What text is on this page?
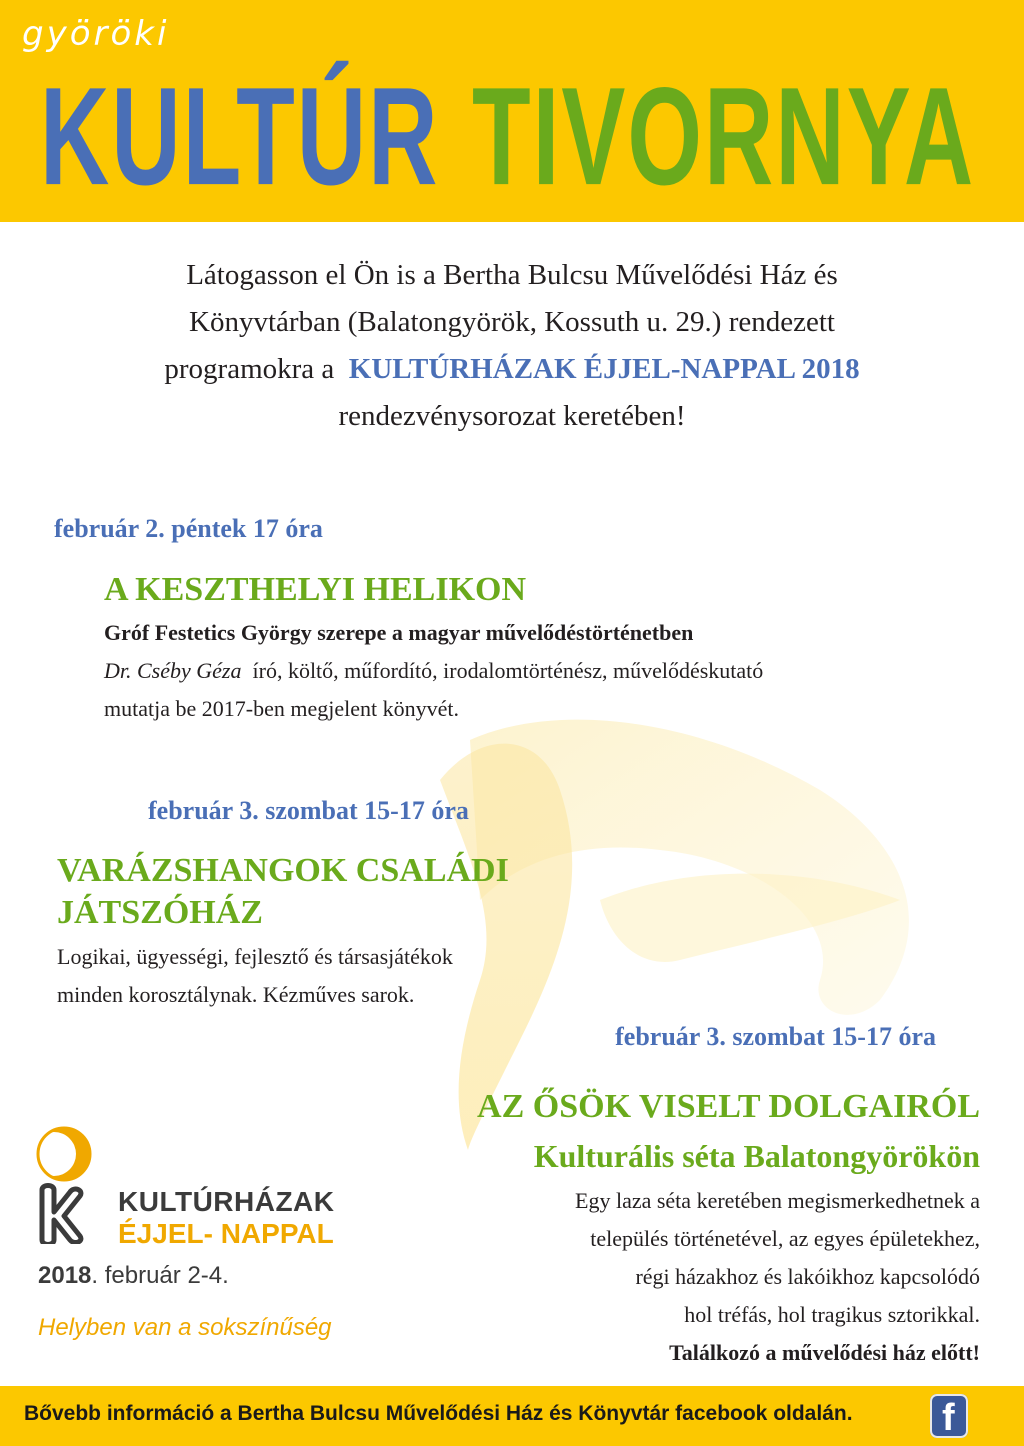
györöki
KULTÚR TIVORNYA
Látogasson el Ön is a Bertha Bulcsu Művelődési Ház és
Könyvtárban (Balatongyörök, Kossuth u. 29.) rendezett
programokra a KULTÚRHÁZAK ÉJJEL-NAPPAL 2018
rendezvénysorozat keretében!
február 2. péntek 17 óra
A KESZTHELYI HELIKON
Gróf Festetics György szerepe a magyar művelődéstörténetben
Dr. Cséby Géza író, költő, műfordító, irodalomtörténész, művelődéskutató
mutatja be 2017-ben megjelent könyvét.
február 3. szombat 15-17 óra
VARÁZSHANGOK CSALÁDI
JÁTSZÓHÁZ
Logikai, ügyességi, fejlesztő és társasjátékok
minden korosztálynak. Kézműves sarok.
február 3. szombat 15-17 óra
AZ ŐSÖK VISELT DOLGAIRÓL
Kulturális séta Balatongyörökön
Egy laza séta keretében megismerkedhetnek a
település történetével, az egyes épületekhez,
régi házakhoz és lakóikhoz kapcsolódó
hol tréfás, hol tragikus sztorikkal.
Találkozó a művelődési ház előtt!
KULTÚRHÁZAK
ÉJJEL- NAPPAL
2018. február 2-4.
Helyben van a sokszínűség
Bővebb információ a Bertha Bulcsu Művelődési Ház és Könyvtár facebook oldalán. f
